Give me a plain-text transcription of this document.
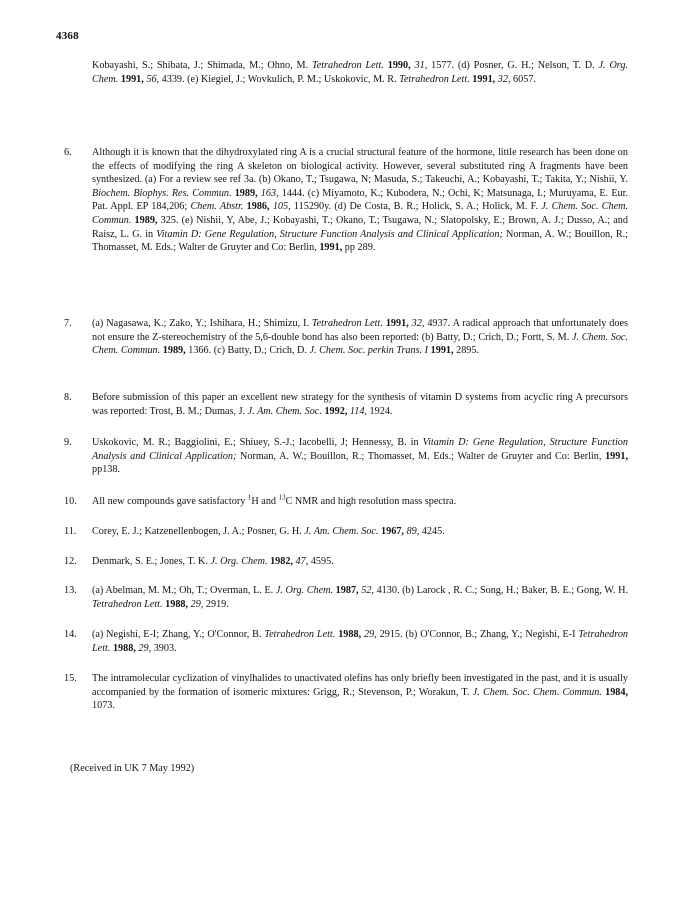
4368
Kobayashi, S.; Shibata, J.; Shimada, M.; Ohno, M. Tetrahedron Lett. 1990, 31, 1577. (d) Posner, G. H.; Nelson, T. D. J. Org. Chem. 1991, 56, 4339. (e) Kiegiel, J.; Wovkulich, P. M.; Uskokovic, M. R. Tetrahedron Lett. 1991, 32, 6057.
6.	Although it is known that the dihydroxylated ring A is a crucial structural feature of the hormone, little research has been done on the effects of modifying the ring A skeleton on biological activity. However, several substituted ring A fragments have been synthesized. (a) For a review see ref 3a. (b) Okano, T.; Tsugawa, N; Masuda, S.; Takeuchi, A.; Kobayashi, T.; Takita, Y.; Nishii, Y. Biochem. Biophys. Res. Commun. 1989, 163, 1444. (c) Miyamoto, K.; Kubodera, N.; Ochi, K; Matsunaga, I.; Muruyama, E. Eur. Pat. Appl. EP 184,206; Chem. Abstr. 1986, 105, 115290y. (d) De Costa, B. R.; Holick, S. A.; Holick, M. F. J. Chem. Soc. Chem. Commun. 1989, 325. (e) Nishii, Y, Abe, J.; Kobayashi, T.; Okano, T.; Tsugawa, N.; Slatopolsky, E.; Brown, A. J.; Dusso, A.; and Raisz, L. G. in Vitamin D: Gene Regulation, Structure Function Analysis and Clinical Application; Norman, A. W.; Bouillon, R.; Thomasset, M. Eds.; Walter de Gruyter and Co: Berlin, 1991, pp 289.
7.	(a) Nagasawa, K.; Zako, Y.; Ishihara, H.; Shimizu, I. Tetrahedron Lett. 1991, 32, 4937. A radical approach that unfortunately does not ensure the Z-stereochemistry of the 5,6-double bond has also been reported: (b) Batty, D.; Crich, D.; Fortt, S. M. J. Chem. Soc. Chem. Commun. 1989, 1366. (c) Batty, D.; Crich, D. J. Chem. Soc. perkin Trans. I 1991, 2895.
8.	Before submission of this paper an excellent new strategy for the synthesis of vitamin D systems from acyclic ring A precursors was reported: Trost, B. M.; Dumas, J. J. Am. Chem. Soc. 1992, 114, 1924.
9.	Uskokovic, M. R.; Baggiolini, E.; Shiuey, S.-J.; Iacobelli, J; Hennessy, B. in Vitamin D: Gene Regulation, Structure Function Analysis and Clinical Application; Norman, A. W.; Bouillon, R.; Thomasset, M. Eds.; Walter de Gruyter and Co: Berlin, 1991, pp138.
10.	All new compounds gave satisfactory $^1$H and $^{13}$C NMR and high resolution mass spectra.
11.	Corey, E. J.; Katzenellenbogen, J. A.; Posner, G. H. J. Am. Chem. Soc. 1967, 89, 4245.
12.	Denmark, S. E.; Jones, T. K. J. Org. Chem. 1982, 47, 4595.
13.	(a) Abelman, M. M.; Oh, T.; Overman, L. E. J. Org. Chem. 1987, 52, 4130. (b) Larock , R. C.; Song, H.; Baker, B. E.; Gong, W. H. Tetrahedron Lett. 1988, 29, 2919.
14.	(a) Negishi, E-I; Zhang, Y.; O'Connor, B. Tetrahedron Lett. 1988, 29, 2915. (b) O'Connor, B.; Zhang, Y.; Negishi, E-I Tetrahedron Lett. 1988, 29, 3903.
15.	The intramolecular cyclization of vinylhalides to unactivated olefins has only briefly been investigated in the past, and it is usually accompanied by the formation of isomeric mixtures: Grigg, R.; Stevenson, P.; Worakun, T. J. Chem. Soc. Chem. Commun. 1984, 1073.
(Received in UK 7 May 1992)
